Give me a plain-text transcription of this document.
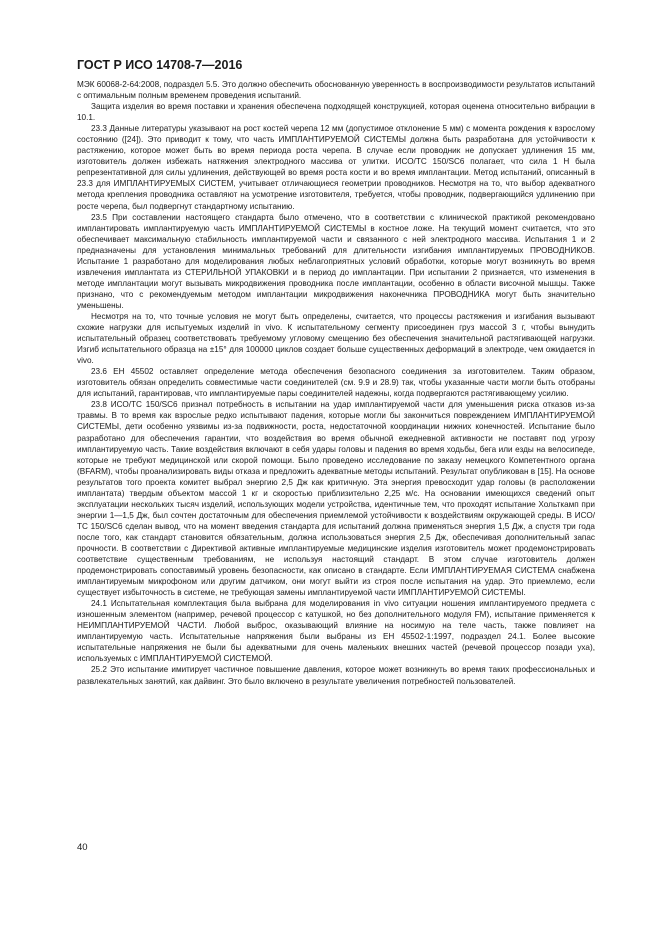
ГОСТ Р ИСО 14708-7—2016

МЭК 60068-2-64:2008, подраздел 5.5. Это должно обеспечить обоснованную уверенность в воспроизводимости результатов испытаний с оптимальным полным временем проведения испытаний.

Защита изделия во время поставки и хранения обеспечена подходящей конструкцией, которая оценена относительно вибрации в 10.1.

23.3 Данные литературы указывают на рост костей черепа 12 мм (допустимое отклонение 5 мм) с момента рождения к взрослому состоянию ([24]). Это приводит к тому, что часть ИМПЛАНТИРУЕМОЙ СИСТЕМЫ должна быть разработана для устойчивости к растяжению, которое может быть во время периода роста черепа. В случае если проводник не допускает удлинения 15 мм, изготовитель должен избежать натяжения электродного массива от улитки. ИСО/ТС 150/SC6 полагает, что сила 1 Н была репрезентативной для силы удлинения, действующей во время роста кости и во время имплантации. Метод испытаний, описанный в 23.3 для ИМПЛАНТИРУЕМЫХ СИСТЕМ, учитывает отличающиеся геометрии проводников. Несмотря на то, что выбор адекватного метода крепления проводника оставляют на усмотрение изготовителя, требуется, чтобы проводник, подвергающийся удлинению при росте черепа, был подвергнут стандартному испытанию.

23.5 При составлении настоящего стандарта было отмечено, что в соответствии с клинической практикой рекомендовано имплантировать имплантируемую часть ИМПЛАНТИРУЕМОЙ СИСТЕМЫ в костное ложе. На текущий момент считается, что это обеспечивает максимальную стабильность имплантируемой части и связанного с ней электродного массива. Испытания 1 и 2 предназначены для установления минимальных требований для длительности изгибания имплантируемых ПРОВОДНИКОВ. Испытание 1 разработано для моделирования любых неблагоприятных условий обработки, которые могут возникнуть во время извлечения имплантата из СТЕРИЛЬНОЙ УПАКОВКИ и в период до имплантации. При испытании 2 признается, что изменения в методе имплантации могут вызывать микродвижения проводника после имплантации, особенно в области височной мышцы. Также признано, что с рекомендуемым методом имплантации микродвижения наконечника ПРОВОДНИКА могут быть значительно уменьшены.

Несмотря на то, что точные условия не могут быть определены, считается, что процессы растяжения и изгибания вызывают схожие нагрузки для испытуемых изделий in vivo. К испытательному сегменту присоединен груз массой 3 г, чтобы вынудить испытательный образец соответствовать требуемому угловому смещению без обеспечения значительной растягивающей нагрузки. Изгиб испытательного образца на ±15° для 100000 циклов создает больше существенных деформаций в электроде, чем ожидается in vivo.

23.6 ЕН 45502 оставляет определение метода обеспечения безопасного соединения за изготовителем. Таким образом, изготовитель обязан определить совместимые части соединителей (см. 9.9 и 28.9) так, чтобы указанные части могли быть отобраны для испытаний, гарантировав, что имплантируемые пары соединителей надежны, когда подвергаются растягивающему усилию.

23.8 ИСО/ТС 150/SC6 признал потребность в испытании на удар имплантируемой части для уменьшения риска отказов из-за травмы. В то время как взрослые редко испытывают падения, которые могли бы закончиться повреждением ИМПЛАНТИРУЕМОЙ СИСТЕМЫ, дети особенно уязвимы из-за подвижности, роста, недостаточной координации нижних конечностей. Испытание было разработано для обеспечения гарантии, что воздействия во время обычной ежедневной активности не поставят под угрозу имплантируемую часть. Такие воздействия включают в себя удары головы и падения во время ходьбы, бега или езды на велосипеде, которые не требуют медицинской или скорой помощи. Было проведено исследование по заказу немецкого Компетентного органа (BFARM), чтобы проанализировать виды отказа и предложить адекватные методы испытаний. Результат опубликован в [15]. На основе результатов того проекта комитет выбрал энергию 2,5 Дж как критичную. Эта энергия превосходит удар головы (в расположении имплантата) твердым объектом массой 1 кг и скоростью приблизительно 2,25 м/с. На основании имеющихся сведений опыт эксплуатации нескольких тысяч изделий, использующих модели устройства, идентичные тем, что проходят испытание Хольткамп при энергии 1—1,5 Дж, был сочтен достаточным для обеспечения приемлемой устойчивости к воздействиям окружающей среды. В ИСО/ТС 150/SC6 сделан вывод, что на момент введения стандарта для испытаний должна применяться энергия 1,5 Дж, а спустя три года после того, как стандарт становится обязательным, должна использоваться энергия 2,5 Дж, обеспечивая дополнительный запас прочности. В соответствии с Директивой активные имплантируемые медицинские изделия изготовитель может продемонстрировать соответствие существенным требованиям, не используя настоящий стандарт. В этом случае изготовитель должен продемонстрировать сопоставимый уровень безопасности, как описано в стандарте. Если ИМПЛАНТИРУЕМАЯ СИСТЕМА снабжена имплантируемым микрофоном или другим датчиком, они могут выйти из строя после испытания на удар. Это приемлемо, если существует избыточность в системе, не требующая замены имплантируемой части ИМПЛАНТИРУЕМОЙ СИСТЕМЫ.

24.1 Испытательная комплектация была выбрана для моделирования in vivo ситуации ношения имплантируемого предмета с изношенным элементом (например, речевой процессор с катушкой, но без дополнительного модуля FM), испытание применяется к НЕИМПЛАНТИРУЕМОЙ ЧАСТИ. Любой выброс, оказывающий влияние на носимую на теле часть, также повлияет на имплантируемую часть. Испытательные напряжения были выбраны из ЕН 45502-1:1997, подраздел 24.1. Более высокие испытательные напряжения не были бы адекватными для очень маленьких внешних частей (речевой процессор позади уха), используемых с ИМПЛАНТИРУЕМОЙ СИСТЕМОЙ.

25.2 Это испытание имитирует частичное повышение давления, которое может возникнуть во время таких профессиональных и развлекательных занятий, как дайвинг. Это было включено в результате увеличения потребностей пользователей.

40
